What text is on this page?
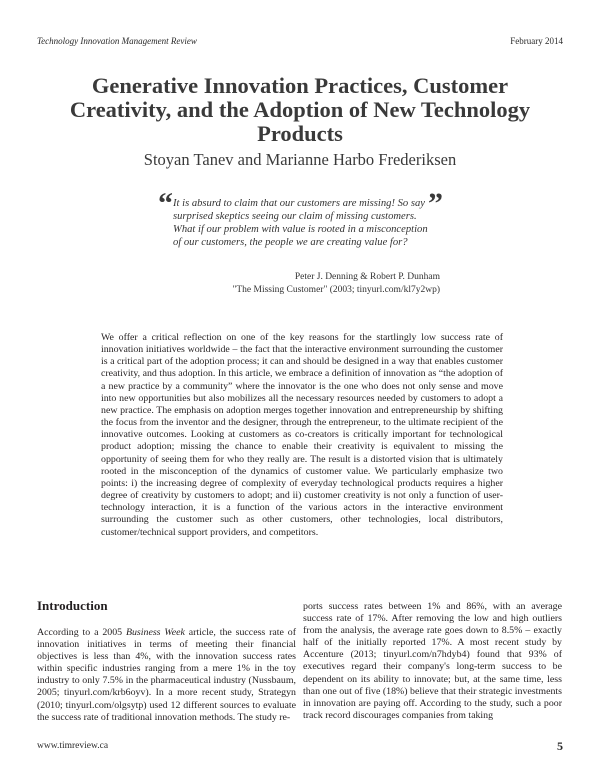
Technology Innovation Management Review	February 2014
Generative Innovation Practices, Customer Creativity, and the Adoption of New Technology Products

Stoyan Tanev and Marianne Harbo Frederiksen

“ It is absurd to claim that our customers are missing! So say surprised skeptics seeing our claim of missing customers. What if our problem with value is rooted in a misconception of our customers, the people we are creating value for?

”
Peter J. Denning & Robert P. Dunham
"The Missing Customer" (2003; tinyurl.com/kl7y2wp)

We offer a critical reflection on one of the key reasons for the startlingly low success rate of innovation initiatives worldwide – the fact that the interactive environment surrounding the customer is a critical part of the adoption process; it can and should be designed in a way that enables customer creativity, and thus adoption. In this article, we embrace a definition of innovation as “the adoption of a new practice by a community” where the innovator is the one who does not only sense and move into new opportunities but also mobilizes all the necessary resources needed by customers to adopt a new practice. The emphasis on adoption merges together innovation and entrepreneurship by shifting the focus from the inventor and the designer, through the entrepreneur, to the ultimate recipient of the innovative outcomes. Looking at customers as co-creators is critically important for technological product adoption; missing the chance to enable their creativity is equivalent to missing the opportunity of seeing them for who they really are. The result is a distorted vision that is ultimately rooted in the misconception of the dynamics of customer value. We particularly emphasize two points: i) the increasing degree of complexity of everyday technological products requires a higher degree of creativity by customers to adopt; and ii) customer creativity is not only a function of user-technology interaction, it is a function of the various actors in the interactive environment surrounding the customer such as other customers, other technologies, local distributors, customer/technical support providers, and competitors.

Introduction

According to a 2005 Business Week article, the success rate of innovation initiatives in terms of meeting their financial objectives is less than 4%, with the innovation success rates within specific industries ranging from a mere 1% in the toy industry to only 7.5% in the pharmaceutical industry (Nussbaum, 2005; tinyurl.com/krb6oyv). In a more recent study, Strategyn (2010; tinyurl.com/olgsytp) used 12 different sources to evaluate the success rate of traditional innovation methods. The study re-

ports success rates between 1% and 86%, with an average success rate of 17%. After removing the low and high outliers from the analysis, the average rate goes down to 8.5% – exactly half of the initially reported 17%. A most recent study by Accenture (2013; tinyurl.com/n7hdyb4) found that 93% of executives regard their company's long-term success to be dependent on its ability to innovate; but, at the same time, less than one out of five (18%) believe that their strategic investments in innovation are paying off. According to the study, such a poor track record discourages companies from taking

www.timreview.ca	5
